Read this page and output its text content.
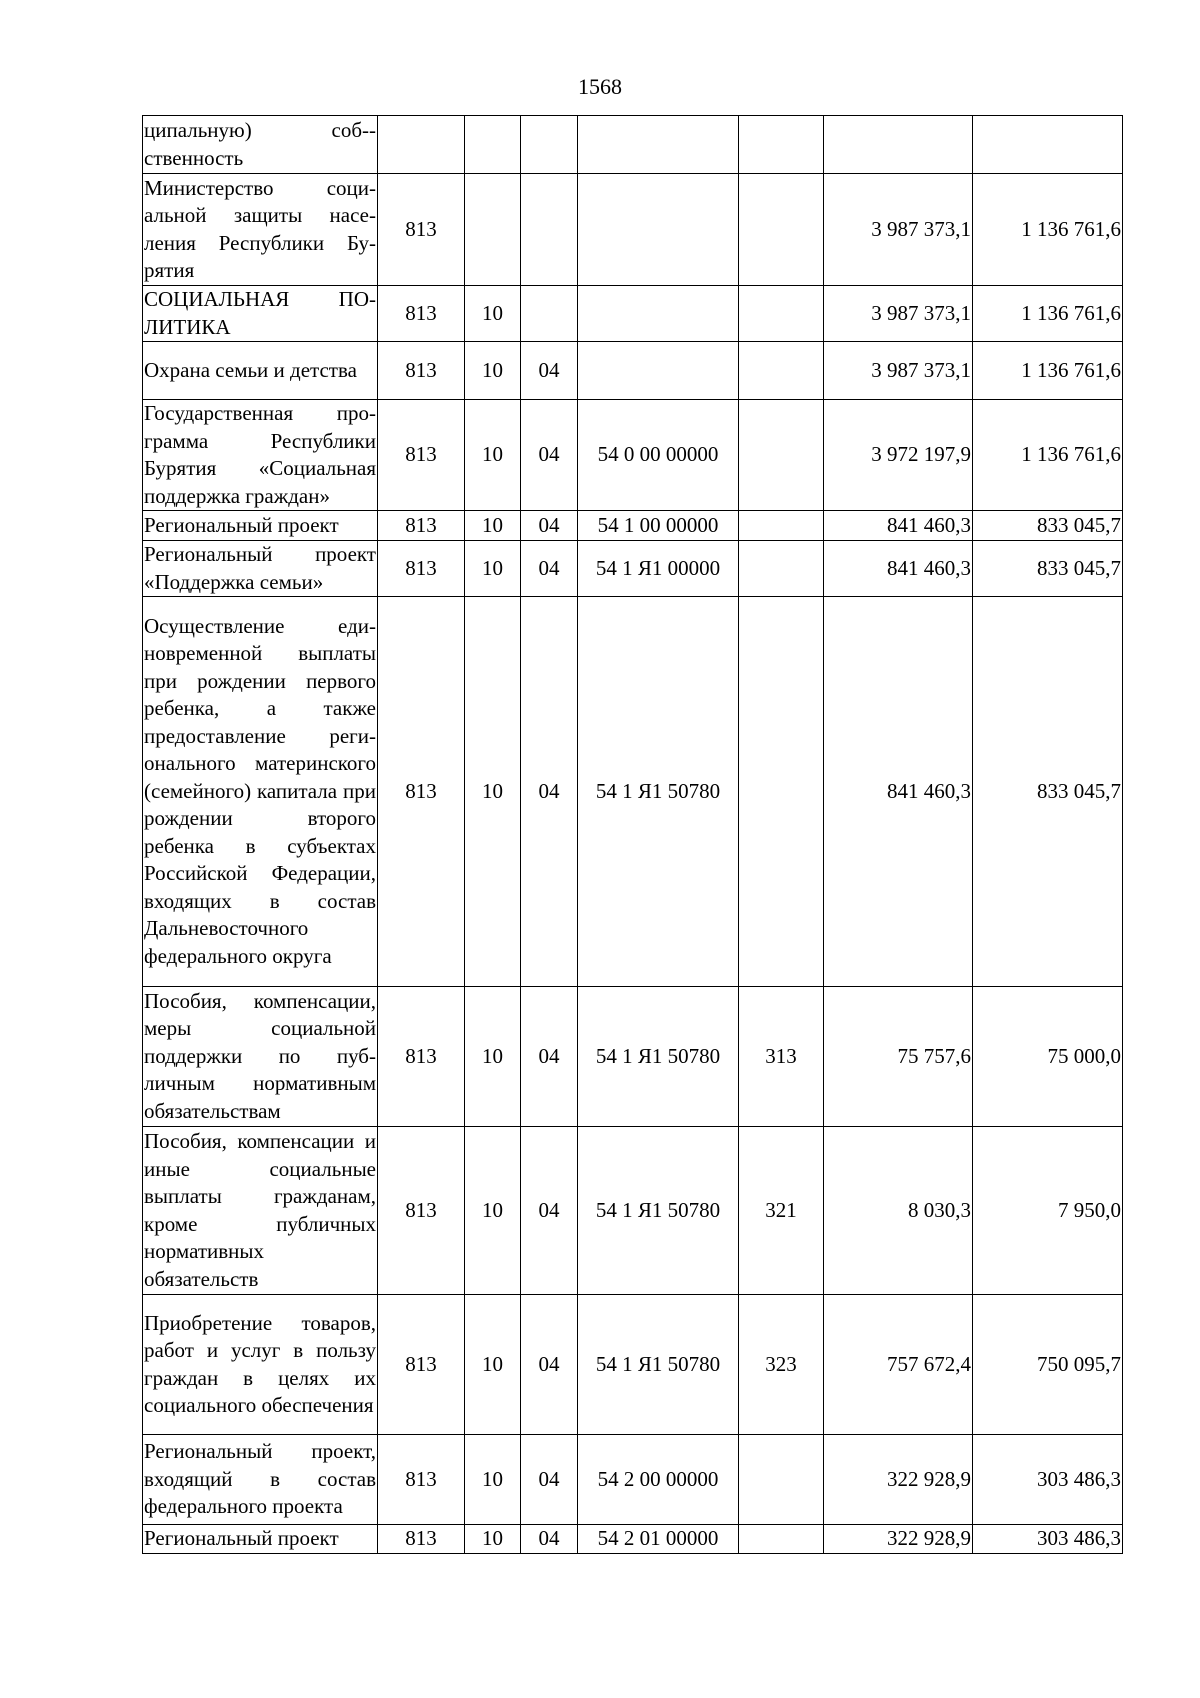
1568
ципальную) соб-ственность							

Министерство социальной защиты населения Республики Бурятия	813					3 987 373,1	1 136 761,6

СОЦИАЛЬНАЯ ПОЛИТИКА	813	10				3 987 373,1	1 136 761,6

Охрана семьи и детства	813	10	04			3 987 373,1	1 136 761,6

Государственная программа Республики Бурятия «Социальная поддержка граждан»	813	10	04	54 0 00 00000		3 972 197,9	1 136 761,6

Региональный проект	813	10	04	54 1 00 00000		841 460,3	833 045,7

Региональный проект «Поддержка семьи»	813	10	04	54 1 Я1 00000		841 460,3	833 045,7

Осуществление единовременной выплаты при рождении первого ребенка, а также предоставление регионального материнского (семейного) капитала при рождении второго ребенка в субъектах Российской Федерации, входящих в состав Дальневосточного федерального округа	813	10	04	54 1 Я1 50780		841 460,3	833 045,7

Пособия, компенсации, меры социальной поддержки по публичным нормативным обязательствам	813	10	04	54 1 Я1 50780	313	75 757,6	75 000,0

Пособия, компенсации и иные социальные выплаты гражданам, кроме публичных нормативных обязательств	813	10	04	54 1 Я1 50780	321	8 030,3	7 950,0

Приобретение товаров, работ и услуг в пользу граждан в целях их социального обеспечения	813	10	04	54 1 Я1 50780	323	757 672,4	750 095,7

Региональный проект, входящий в состав федерального проекта	813	10	04	54 2 00 00000		322 928,9	303 486,3

Региональный проект	813	10	04	54 2 01 00000		322 928,9	303 486,3
